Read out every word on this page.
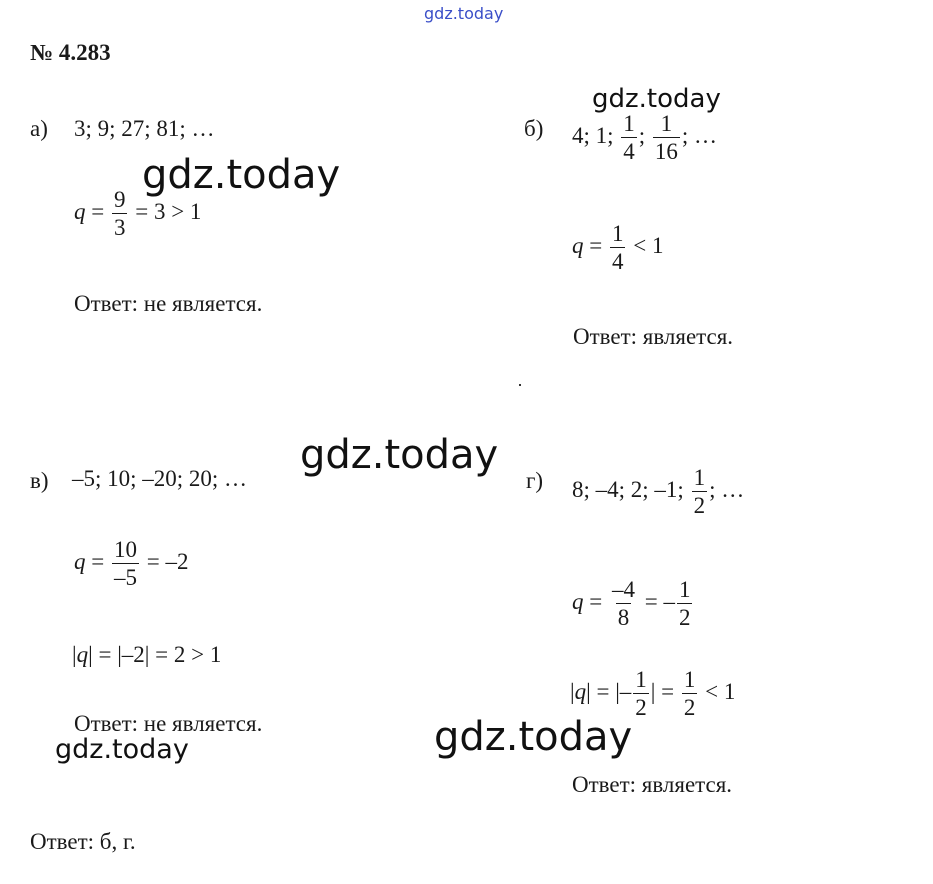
gdz.today
gdz.today
gdz.today
gdz.today
gdz.today	gdz.today
№ 4.283
а) 3; 9; 27; 81; …
$q = \frac{9}{3} = 3 > 1$
Ответ: не является.
б) 4; 1; $\frac{1}{4}$ ; $\frac{1}{16}$ ; …
$q = \frac{1}{4} < 1$
Ответ: является.
в) –5; 10; –20; 20; …
$q = \frac{10}{-5} = -2$
|q| = |–2| = 2 > 1
Ответ: не является.
г) 8; –4; 2; –1; $\frac{1}{2}$ ; …
$q = \frac{-4}{8}$ = – $\frac{1}{2}$
|q| = |– $\frac{1}{2}$ | = $\frac{1}{2} < 1$
Ответ: является.
Ответ: б, г.
